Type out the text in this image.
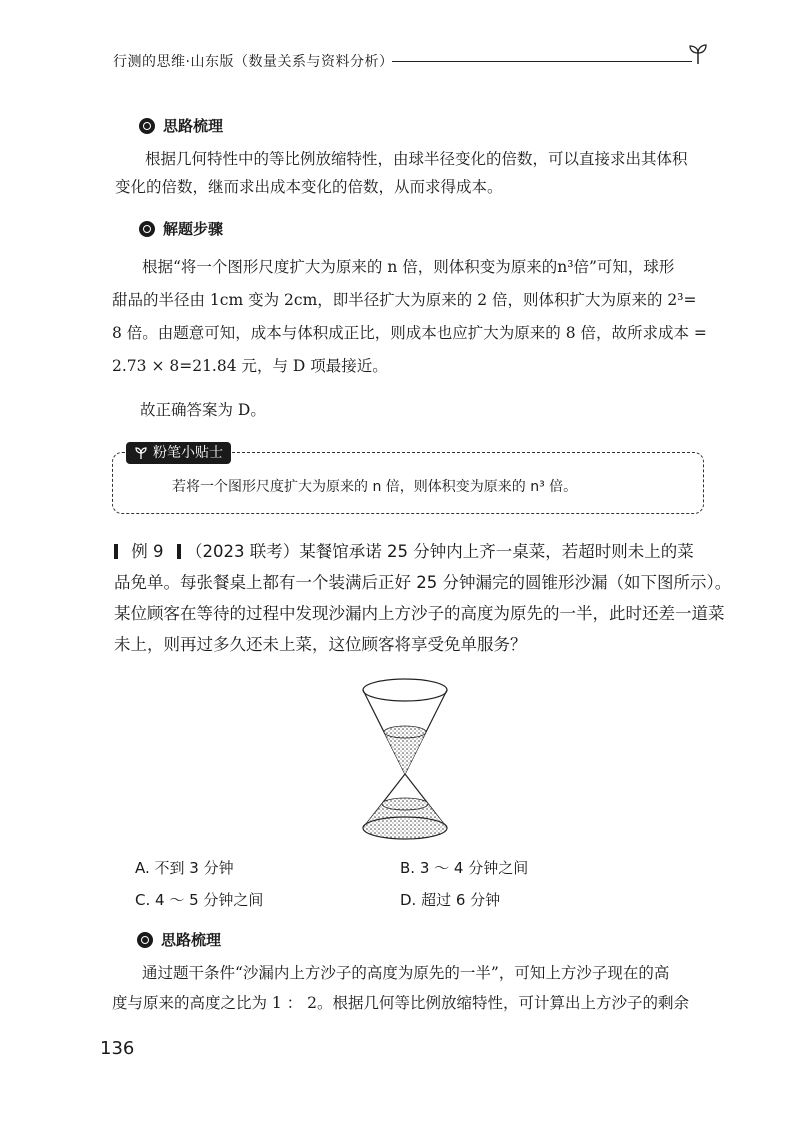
行测的思维·山东版（数量关系与资料分析）
思路梳理
根据几何特性中的等比例放缩特性，由球半径变化的倍数，可以直接求出其体积
变化的倍数，继而求出成本变化的倍数，从而求得成本。
解题步骤
根据“将一个图形尺度扩大为原来的 n 倍，则体积变为原来的n³倍”可知，球形
甜品的半径由 1cm 变为 2cm，即半径扩大为原来的 2 倍，则体积扩大为原来的 2³=
8 倍。由题意可知，成本与体积成正比，则成本也应扩大为原来的 8 倍，故所求成本 =
2.73 × 8=21.84 元，与 D 项最接近。
故正确答案为 D。
粉笔小贴士
若将一个图形尺度扩大为原来的 n 倍，则体积变为原来的 n³ 倍。
例 9 （2023 联考）某餐馆承诺 25 分钟内上齐一桌菜，若超时则未上的菜
品免单。每张餐桌上都有一个装满后正好 25 分钟漏完的圆锥形沙漏（如下图所示）。
某位顾客在等待的过程中发现沙漏内上方沙子的高度为原先的一半，此时还差一道菜
未上，则再过多久还未上菜，这位顾客将享受免单服务？
A. 不到 3 分钟	B. 3 ～ 4 分钟之间
C. 4 ～ 5 分钟之间	D. 超过 6 分钟
思路梳理
通过题干条件“沙漏内上方沙子的高度为原先的一半”，可知上方沙子现在的高
度与原来的高度之比为 1 ： 2。根据几何等比例放缩特性，可计算出上方沙子的剩余
136
